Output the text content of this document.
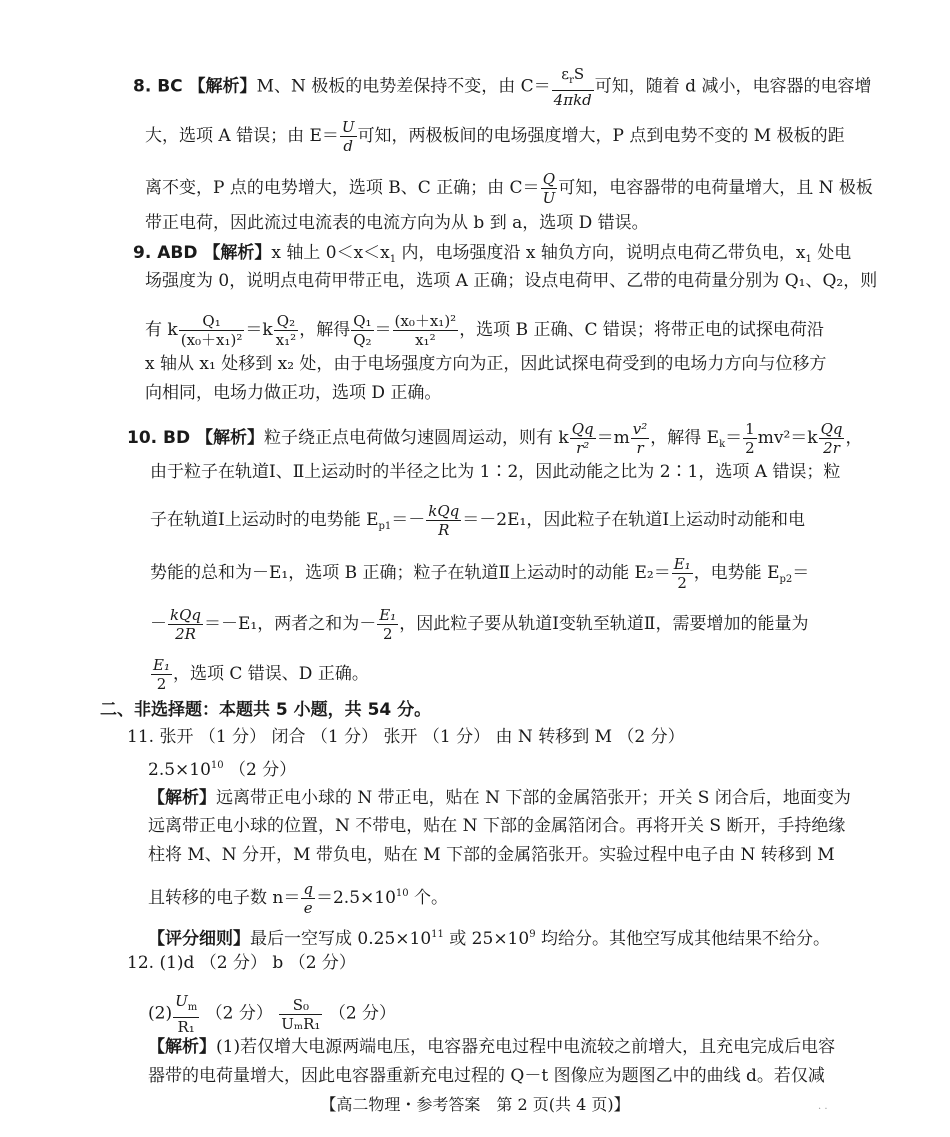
8. BC 【解析】M、N 极板的电势差保持不变，由 C＝
$\varepsilon_rS$
4πkd
可知，随着 d 减小，电容器的电容增
大，选项 A 错误；由 $E= \frac{U}{d}$ 可知，两极板间的电场强度增大，P 点到电势不变的 M 极板的距
离不变，P 点的电势增大，选项 B、C 正确；由 $C= \frac{Q}{U}$ 可知，电容器带的电荷量增大，且 N 极板
带正电荷，因此流过电流表的电流方向为从 b 到 a，选项 D 错误。
9. ABD 【解析】x 轴上 $0<x<x_1$ 内，电场强度沿 x 轴负方向，说明点电荷乙带负电，$x_1$ 处电
场强度为 0，说明点电荷甲带正电，选项 A 正确；设点电荷甲、乙带的电荷量分别为 Q₁、Q₂，则
有 k $\frac{\text{Q₁}}{\text{(x₀＋x₁)²}} =k \frac{\text{Q₂}}{\text{x₁²}}$ ，解得 $\frac{\text{Q₁}}{\text{Q₂}} = \frac{\text{(x₀＋x₁)²}}{\text{x₁²}}$ ，选项 B 正确、C 错误；将带正电的试探电荷沿
x 轴从 x₁ 处移到 x₂ 处，由于电场强度方向为正，因此试探电荷受到的电场力方向与位移方
向相同，电场力做正功，选项 D 正确。
10. BD 【解析】粒子绕正点电荷做匀速圆周运动，则有 k $\frac{Qq}{\text{r²}} =m \frac{\text{v²}}{r}$ ，解得 $E_k= \frac{1}{2} mv^2=k \frac{Qq}{2r}$ ，
由于粒子在轨道Ⅰ、Ⅱ上运动时的半径之比为 1∶2，因此动能之比为 2∶1，选项 A 错误；粒
子在轨道Ⅰ上运动时的电势能 $E_{p1}=-$ kQq
R ＝－2E₁，因此粒子在轨道Ⅰ上运动时动能和电
势能的总和为－E₁，选项 B 正确；粒子在轨道Ⅱ上运动时的动能 $E_2= \frac{\text{E₁}}{2}$ ，电势能 $E_{p2}=$
－ kQq
2R ＝－E₁，两者之和为－ $\frac{\text{E₁}}{2}$ ，因此粒子要从轨道Ⅰ变轨至轨道Ⅱ，需要增加的能量为
$\frac{\text{E₁}}{2}$ ，选项 C 错误、D 正确。
二、非选择题：本题共 5 小题，共 54 分。
11. 张开 （1 分） 闭合 （1 分） 张开 （1 分） 由 N 转移到 M （2 分）
$2.5\times 10^{10}$ （2 分）
【解析】远离带正电小球的 N 带正电，贴在 N 下部的金属箔张开；开关 S 闭合后，地面变为
远离带正电小球的位置，N 不带电，贴在 N 下部的金属箔闭合。再将开关 S 断开，手持绝缘
柱将 M、N 分开，M 带负电，贴在 M 下部的金属箔张开。实验过程中电子由 N 转移到 M
且转移的电子数 $n= \frac{q}{e} =2.5\times 10^{10}$ 个。
【评分细则】最后一空写成 $0.25\times 10^{11}$ 或 $25\times 10^9$ 均给分。其他空写成其他结果不给分。
12. (1)d （2 分） b （2 分）
$(2) \frac{U_m}{\text{R₁}} (2$ 分） S₀
UₘR₁ （2 分）
【解析】(1)若仅增大电源两端电压，电容器充电过程中电流较之前增大，且充电完成后电容
器带的电荷量增大，因此电容器重新充电过程的 Q－t 图像应为题图乙中的曲线 d。若仅减
【高二物理・参考答案　第 2 页(共 4 页)】	. .
